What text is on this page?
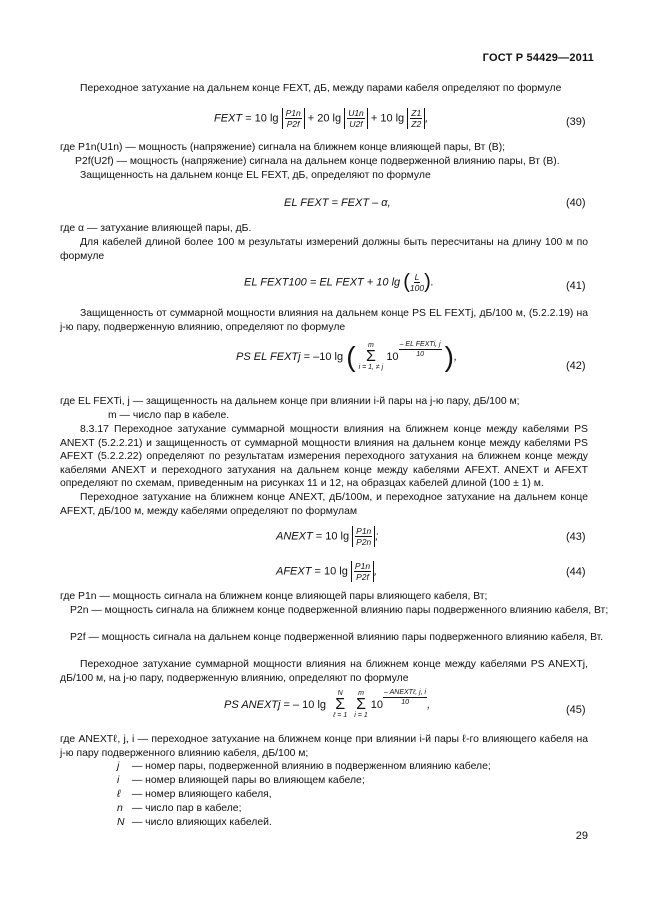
ГОСТ Р 54429—2011
Переходное затухание на дальнем конце FEXT, дБ, между парами кабеля определяют по формуле
FEXT = 10 $\lg \frac{P1n}{P2f} + 20$ $\lg \frac{U1n}{U2f} + 10$ $\lg \frac{Z1}{Z2}$ ,	(39)
где P1n(U1n) — мощность (напряжение) сигнала на ближнем конце влияющей пары, Вт (В);
P2f(U2f) — мощность (напряжение) сигнала на дальнем конце подверженной влиянию пары, Вт (В).
Защищенность на дальнем конце EL FEXT, дБ, определяют по формуле
EL FEXT = FEXT – α,	(40)
где α — затухание влияющей пары, дБ.
Для кабелей длиной более 100 м результаты измерений должны быть пересчитаны на длину 100 м по формуле
EL FEXT100 = EL FEXT + 10 lg ( $\frac{L}{100}$ ).	(41)
Защищенность от суммарной мощности влияния на дальнем конце PS EL FEXTj, дБ/100 м, (5.2.2.19) на j-ю пару, подверженную влиянию, определяют по формуле
PS EL FEXTj = –10 lg ( m
Σ
i = 1, ≠ j
$10 \frac{\text{– EL FEXTi, j}}{10}$ ),
(42)
где EL FEXTi, j — защищенность на дальнем конце при влиянии i-й пары на j-ю пару, дБ/100 м;
m — число пар в кабеле.
8.3.17 Переходное затухание суммарной мощности влияния на ближнем конце между кабелями PS ANEXT (5.2.2.21) и защищенность от суммарной мощности влияния на дальнем конце между кабелями PS AFEXT (5.2.2.22) определяют по результатам измерения переходного затухания на ближнем конце между кабелями ANEXT и переходного затухания на дальнем конце между кабелями AFEXT. ANEXT и AFEXT определяют по схемам, приведенным на рисунках 11 и 12, на образцах кабелей длиной (100 ± 1) м.
Переходное затухание на ближнем конце ANEXT, дБ/100м, и переходное затухание на дальнем конце AFEXT, дБ/100 м, между кабелями определяют по формулам
ANEXT = 10 $\lg \frac{P1n}{P2n}$ ;	(43)
AFEXT = 10 $\lg \frac{P1n}{P2f}$ ,	(44)
где P1n — мощность сигнала на ближнем конце влияющей пары влияющего кабеля, Вт;
P2n — мощность сигнала на ближнем конце подверженной влиянию пары подверженного влиянию кабеля, Вт;
P2f — мощность сигнала на дальнем конце подверженной влиянию пары подверженного влиянию кабеля, Вт.
Переходное затухание суммарной мощности влияния на ближнем конце между кабелями PS ANEXTj, дБ/100 м, на j-ю пару, подверженную влиянию, определяют по формуле
PS ANEXTj = – 10 lg
N
Σ
ℓ = 1

m
Σ
i = 1
$10 \frac{\text{– ANEXTℓ, j, i}}{10}$ ,	(45)
где ANEXTℓ, j, i — переходное затухание на ближнем конце при влиянии i-й пары ℓ-го влияющего кабеля на j-ю пару подверженного влиянию кабеля, дБ/100 м;
j — номер пары, подверженной влиянию в подверженном влиянию кабеле;
i — номер влияющей пары во влияющем кабеле;
ℓ — номер влияющего кабеля,
n — число пар в кабеле;
N — число влияющих кабелей.
29
